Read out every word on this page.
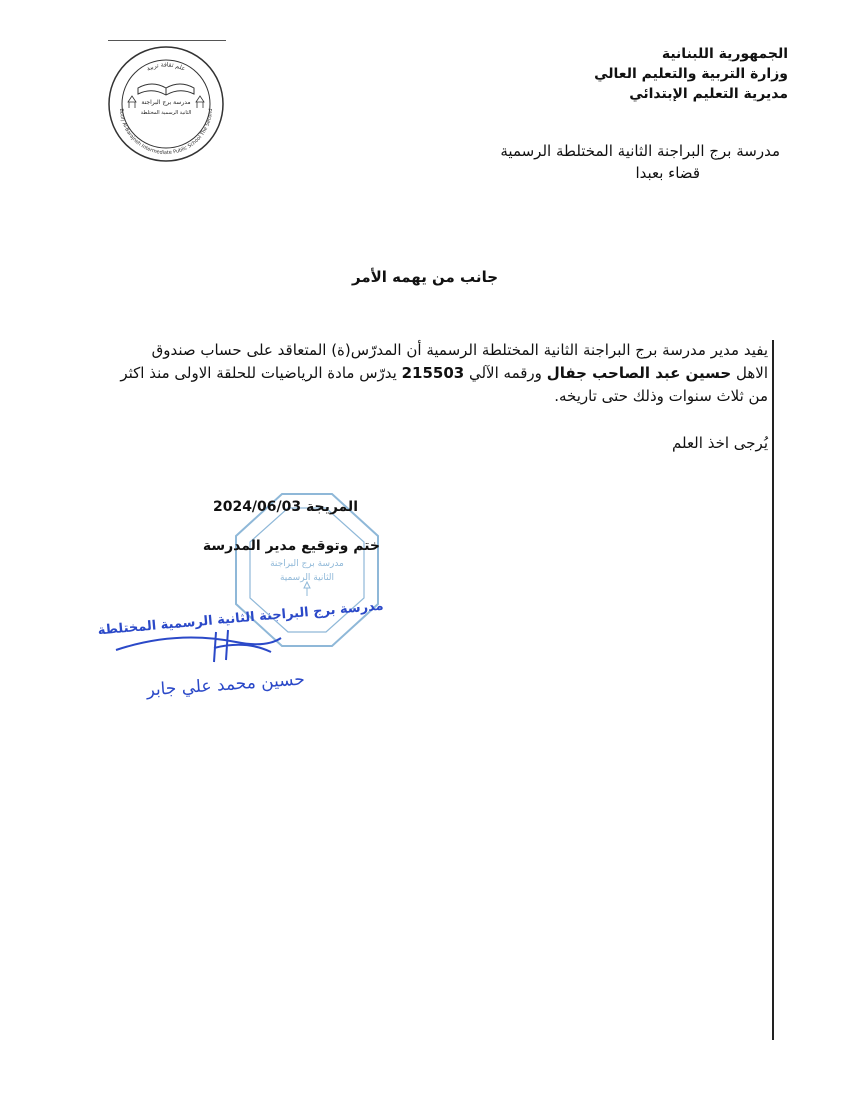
Bourj Al-Barajneh Intermediate Public School The Second
علم ثقافة تربية
مدرسة برج البراجنة
الثانية الرسمية المختلطة
الجمهورية اللبنانية
وزارة التربية والتعليم العالي
مديرية التعليم الإبتدائي
مدرسة برج البراجنة الثانية المختلطة الرسمية
قضاء بعبدا
جانب من يهمه الأمر

يفيد مدير مدرسة برج البراجنة الثانية المختلطة الرسمية أن المدرّس(ة) المتعاقد على حساب صندوق الاهل حسين عبد الصاحب جفال ورقمه الآلي 215503 يدرّس مادة الرياضيات للحلقة الاولى منذ اكثر من ثلاث سنوات وذلك حتى تاريخه.

يُرجى اخذ العلم
مدرسة برج البراجنة
الثانية الرسمية
المريجة 2024/06/03
ختم وتوقيع مدير المدرسة
مدرسة برج البراجنة الثانية الرسمية المختلطة
حسين محمد علي جابر
